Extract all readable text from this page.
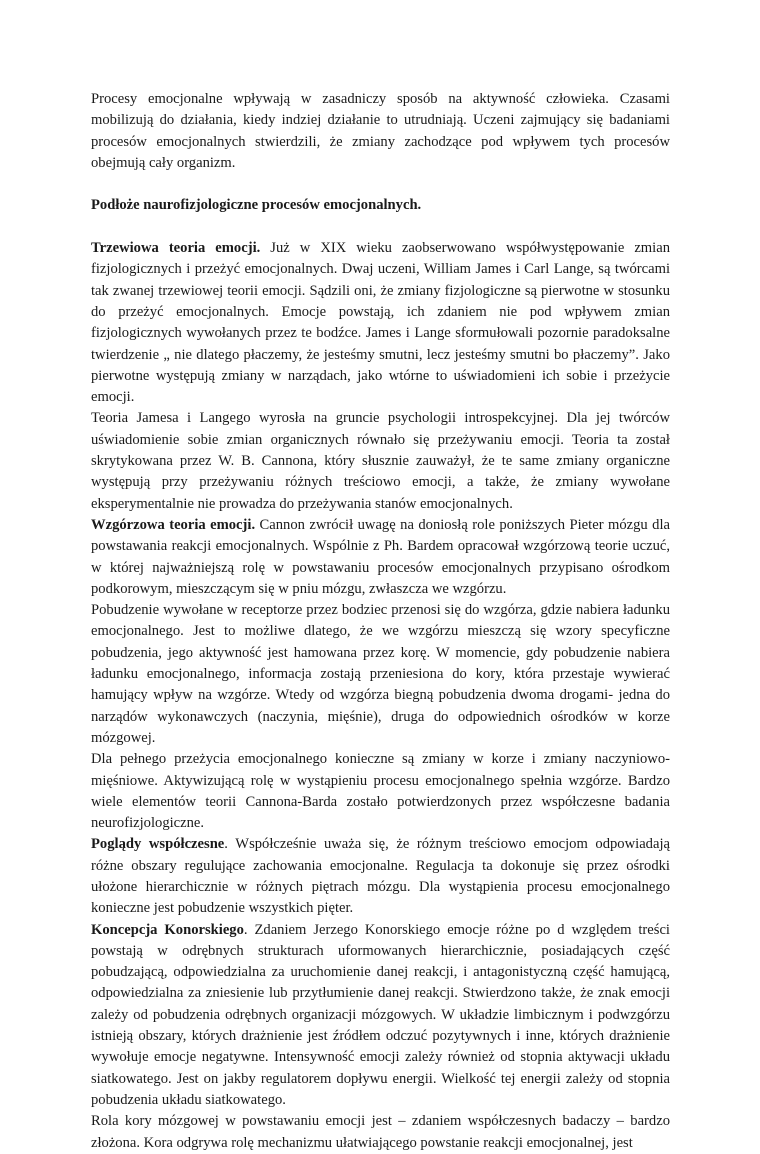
Procesy emocjonalne wpływają w zasadniczy sposób na aktywność człowieka. Czasami mobilizują do działania, kiedy indziej działanie to utrudniają. Uczeni zajmujący się badaniami procesów emocjonalnych stwierdzili, że zmiany zachodzące pod wpływem tych procesów obejmują cały organizm.

Podłoże naurofizjologiczne procesów emocjonalnych.

Trzewiowa teoria emocji. Już w XIX wieku zaobserwowano współwystępowanie zmian fizjologicznych i przeżyć emocjonalnych. Dwaj uczeni, William James i Carl Lange, są twórcami tak zwanej trzewiowej teorii emocji. Sądzili oni, że zmiany fizjologiczne są pierwotne w stosunku do przeżyć emocjonalnych. Emocje powstają, ich zdaniem nie pod wpływem zmian fizjologicznych wywołanych przez te bodźce. James i Lange sformułowali pozornie paradoksalne twierdzenie „ nie dlatego płaczemy, że jesteśmy smutni, lecz jesteśmy smutni bo płaczemy”. Jako pierwotne występują zmiany w narządach, jako wtórne to uświadomieni ich sobie i przeżycie emocji.

Teoria Jamesa i Langego wyrosła na gruncie psychologii introspekcyjnej. Dla jej twórców uświadomienie sobie zmian organicznych równało się przeżywaniu emocji. Teoria ta został skrytykowana przez W. B. Cannona, który słusznie zauważył, że te same zmiany organiczne występują przy przeżywaniu różnych treściowo emocji, a także, że zmiany wywołane eksperymentalnie nie prowadza do przeżywania stanów emocjonalnych.

Wzgórzowa teoria emocji. Cannon zwrócił uwagę na doniosłą role poniższych Pieter mózgu dla powstawania reakcji emocjonalnych. Wspólnie z Ph. Bardem opracował wzgórzową teorie uczuć, w której najważniejszą rolę w powstawaniu procesów emocjonalnych przypisano ośrodkom podkorowym, mieszczącym się w pniu mózgu, zwłaszcza we wzgórzu.

Pobudzenie wywołane w receptorze przez bodziec przenosi się do wzgórza, gdzie nabiera ładunku emocjonalnego. Jest to możliwe dlatego, że we wzgórzu mieszczą się wzory specyficzne pobudzenia, jego aktywność jest hamowana przez korę. W momencie, gdy pobudzenie nabiera ładunku emocjonalnego, informacja zostają przeniesiona do kory, która przestaje wywierać hamujący wpływ na wzgórze. Wtedy od wzgórza biegną pobudzenia dwoma drogami- jedna do narządów wykonawczych (naczynia, mięśnie), druga do odpowiednich ośrodków w korze mózgowej.

Dla pełnego przeżycia emocjonalnego konieczne są zmiany w korze i zmiany naczyniowo-mięśniowe. Aktywizującą rolę w wystąpieniu procesu emocjonalnego spełnia wzgórze. Bardzo wiele elementów teorii Cannona-Barda zostało potwierdzonych przez współczesne badania neurofizjologiczne.

Poglądy współczesne. Współcześnie uważa się, że różnym treściowo emocjom odpowiadają różne obszary regulujące zachowania emocjonalne. Regulacja ta dokonuje się przez ośrodki ułożone hierarchicznie w różnych piętrach mózgu. Dla wystąpienia procesu emocjonalnego konieczne jest pobudzenie wszystkich pięter.

Koncepcja Konorskiego. Zdaniem Jerzego Konorskiego emocje różne po d względem treści powstają w odrębnych strukturach uformowanych hierarchicznie, posiadających część pobudzającą, odpowiedzialna za uruchomienie danej reakcji, i antagonistyczną część hamującą, odpowiedzialna za zniesienie lub przytłumienie danej reakcji. Stwierdzono także, że znak emocji zależy od pobudzenia odrębnych organizacji mózgowych. W układzie limbicznym i podwzgórzu istnieją obszary, których drażnienie jest źródłem odczuć pozytywnych i inne, których drażnienie wywołuje emocje negatywne. Intensywność emocji zależy również od stopnia aktywacji układu siatkowatego. Jest on jakby regulatorem dopływu energii. Wielkość tej energii zależy od stopnia pobudzenia układu siatkowatego.

Rola kory mózgowej w powstawaniu emocji jest – zdaniem współczesnych badaczy – bardzo złożona. Kora odgrywa rolę mechanizmu ułatwiającego powstanie reakcji emocjonalnej, jest
